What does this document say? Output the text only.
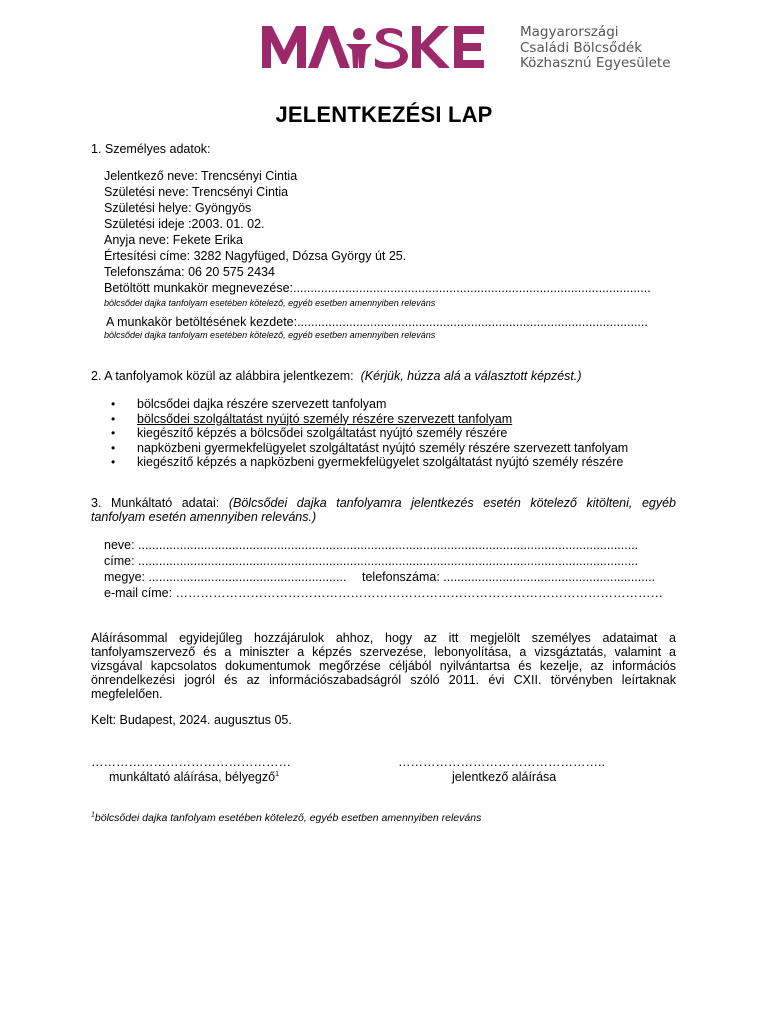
Magyarországi
Családi Bölcsődék
Közhasznú Egyesülete
JELENTKEZÉSI LAP
1. Személyes adatok:
Jelentkező neve: Trencsényi Cintia
Születési neve: Trencsényi Cintia
Születési helye: Gyöngyös
Születési ideje :2003. 01. 02.
Anyja neve: Fekete Erika
Értesítési címe: 3282 Nagyfüged, Dózsa György út 25.
Telefonszáma: 06 20 575 2434
Betöltött munkakör megnevezése:.......................................................................................................
bölcsődei dajka tanfolyam esetében kötelező, egyéb esetben amennyiben releváns
A munkakör betöltésének kezdete:.....................................................................................................
bölcsődei dajka tanfolyam esetében kötelező, egyéb esetben amennyiben releváns
2. A tanfolyamok közül az alábbira jelentkezem: (Kérjük, húzza alá a választott képzést.)
• bölcsődei dajka részére szervezett tanfolyam
• bölcsődei szolgáltatást nyújtó személy részére szervezett tanfolyam
• kiegészítő képzés a bölcsődei szolgáltatást nyújtó személy részére
• napközbeni gyermekfelügyelet szolgáltatást nyújtó személy részére szervezett tanfolyam
• kiegészítő képzés a napközbeni gyermekfelügyelet szolgáltatást nyújtó személy részére
3. Munkáltató adatai: (Bölcsődei dajka tanfolyamra jelentkezés esetén kötelező kitölteni, egyéb
tanfolyam esetén amennyiben releváns.)
neve: ................................................................................................................................................
címe: ................................................................................................................................................
megye: ......................................................... telefonszáma: .............................................................
e-mail címe: ………………………………………………………………………………………………………
Aláírásommal egyidejűleg hozzájárulok ahhoz, hogy az itt megjelölt személyes adataimat a tanfolyamszervező és a miniszter a képzés szervezése, lebonyolítása, a vizsgáztatás, valamint a vizsgával kapcsolatos dokumentumok megőrzése céljából nyilvántartsa és kezelje, az információs önrendelkezési jogról és az információszabadságról szóló 2011. évi CXII. törvényben leírtaknak
megfelelően.
Kelt: Budapest, 2024. augusztus 05.
…………………………………………	…………………………………………..
munkáltató aláírása, bélyegző$^1$	jelentkező aláírása
$^1$bölcsődei dajka tanfolyam esetében kötelező, egyéb esetben amennyiben releváns
